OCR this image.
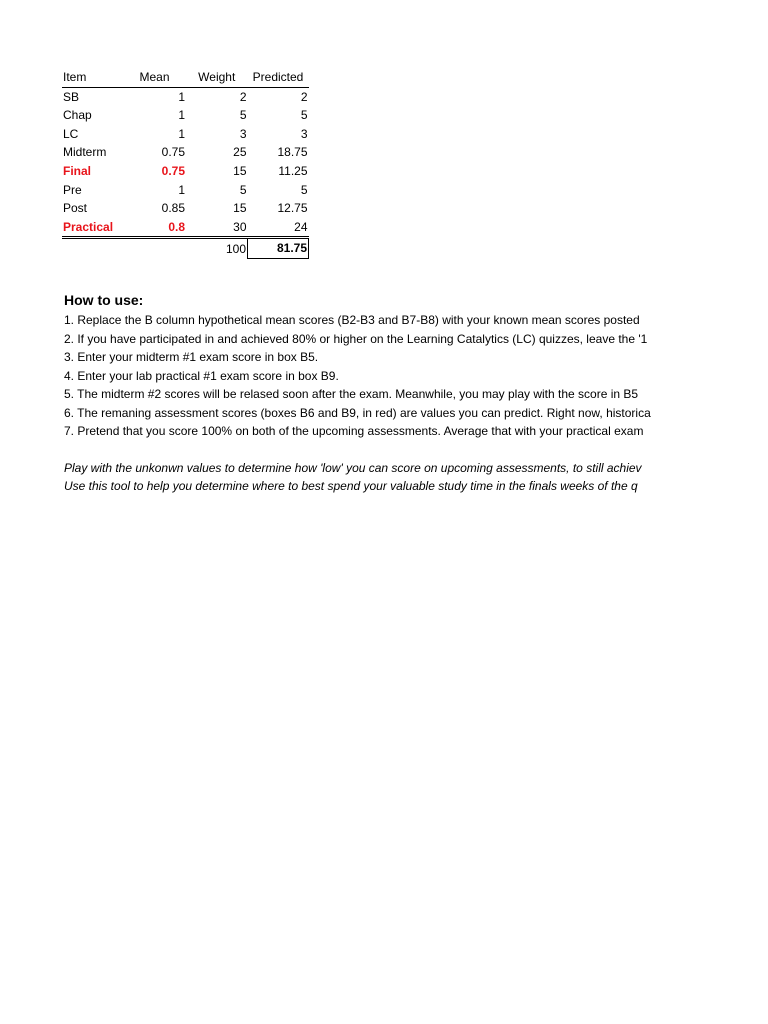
Item	Mean	Weight	Predicted
SB	1	2	2
Chap	1	5	5
LC	1	3	3
Midterm	0.75	25	18.75
Final	0.75	15	11.25
Pre	1	5	5
Post	0.85	15	12.75
Practical	0.8	30	24
		100	81.75
How to use:
1. Replace the B column hypothetical mean scores (B2-B3 and B7-B8) with your known mean scores posted
2. If you have participated in and achieved 80% or higher on the Learning Catalytics (LC) quizzes, leave the '1
3. Enter your midterm #1 exam score in box B5.
4. Enter your lab practical #1 exam score in box B9.
5. The midterm #2 scores will be relased soon after the exam. Meanwhile, you may play with the score in B5
6. The remaning assessment scores (boxes B6 and B9, in red) are values you can predict. Right now, historica
7. Pretend that you score 100% on both of the upcoming assessments. Average that with your practical exam
Play with the unkonwn values to determine how 'low' you can score on upcoming assessments, to still achiev
Use this tool to help you determine where to best spend your valuable study time in the finals weeks of the q
